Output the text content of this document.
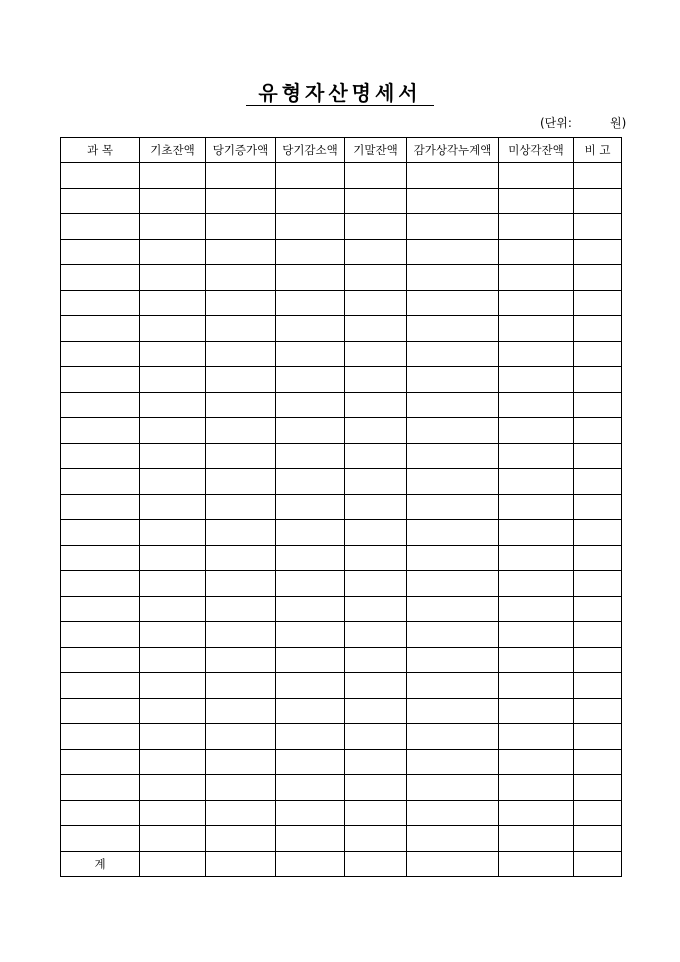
유형자산명세서
(단위:	원)
과 목	기초잔액	당기증가액	당기감소액	기말잔액	감가상각누계액	미상각잔액	비 고

계							
